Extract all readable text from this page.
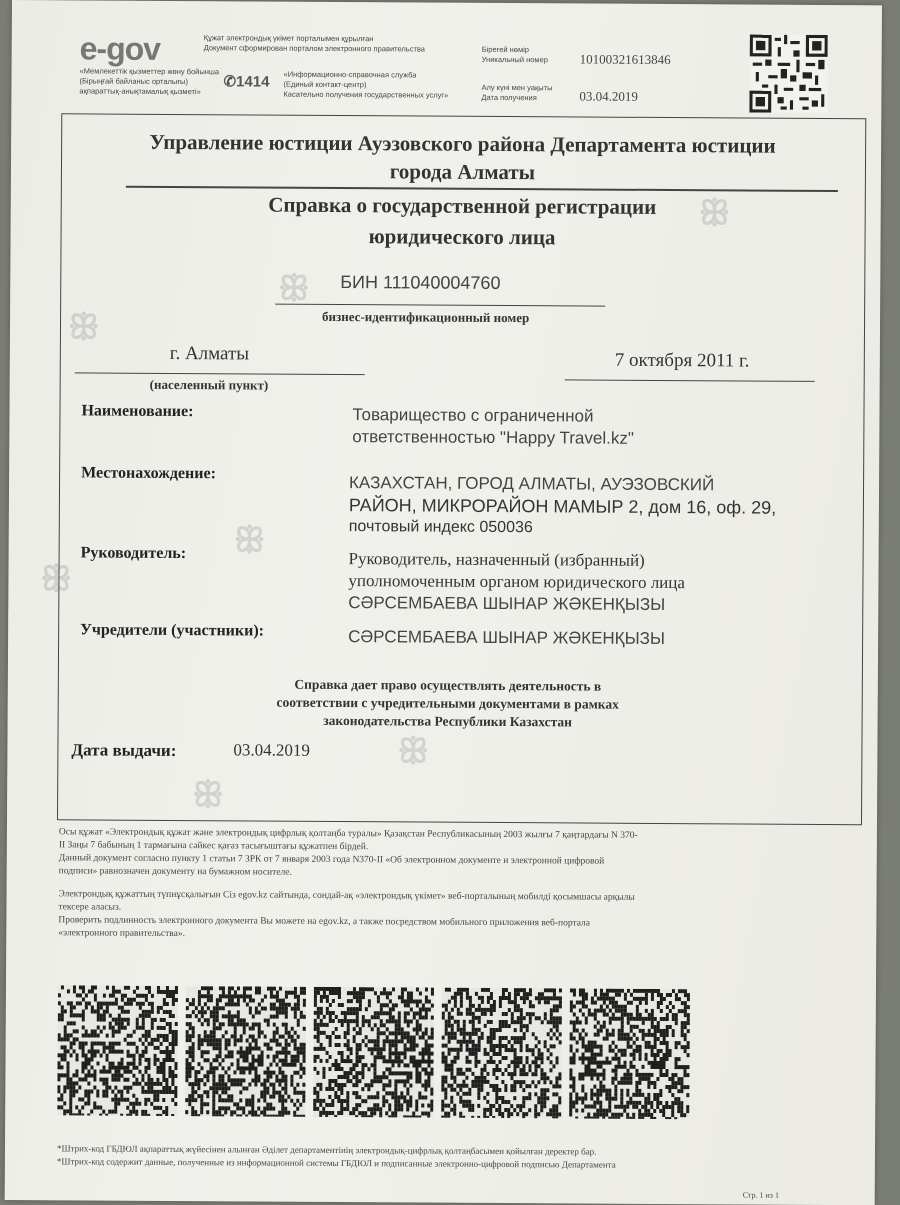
e-gov	Құжат электрондық үкімет порталымен құрылған
Документ сформирован порталом электронного правительства
«Мемлекеттік қызметтер жөну бойынша
(Бірыңғай байланыс орталығы)
ақпараттық-анықтамалық қызметі»
✆1414 «Информационно-справочная служба
(Единый контакт-центр)
Касательно получения государственных услуг»
Бірегей нөмір
Уникальный номер 10100321613846
Алу күні мен уақыты
Дата получения	03.04.2019
Управление юстиции Ауэзовского района Департамента юстиции
города Алматы
Справка о государственной регистрации
юридического лица
БИН 111040004760
бизнес-идентификационный номер
г. Алматы
(населенный пункт)
7 октября 2011 г.
Наименование:	Товарищество с ограниченной
ответственностью "Happy Travel.kz"
Местонахождение:	КАЗАХСТАН, ГОРОД АЛМАТЫ, АУЭЗОВСКИЙ
РАЙОН, МИКРОРАЙОН МАМЫР 2, дом 16, оф. 29,
почтовый индекс 050036
Руководитель:	Руководитель, назначенный (избранный)
уполномоченным органом юридического лица
СӘРСЕМБАЕВА ШЫНАР ЖӘКЕНҚЫЗЫ
Учредители (участники):	СӘРСЕМБАЕВА ШЫНАР ЖӘКЕНҚЫЗЫ
Справка дает право осуществлять деятельность в
соответствии с учредительными документами в рамках
законодательства Республики Казахстан
Дата выдачи:	03.04.2019
ꕥ
ꕥ
ꕥ
ꕥ
ꕥ
ꕥ
ꕥ
Осы құжат «Электрондық құжат және электрондық цифрлық қолтаңба туралы» Қазақстан Республикасының 2003 жылғы 7 қаңтардағы N 370-
II Заңы 7 бабының 1 тармағына сәйкес қағаз тасығыштағы құжатпен бірдей.
Данный документ согласно пункту 1 статьи 7 ЗРК от 7 января 2003 года N370-II «Об электронном документе и электронной цифровой
подписи» равнозначен документу на бумажном носителе.
Электрондық құжаттың түпнұсқалығын Сіз egov.kz сайтында, сондай-ақ «электрондық үкімет» веб-порталының мобилді қосымшасы арқылы
тексере аласыз.
Проверить подлинность электронного документа Вы можете на egov.kz, а также посредством мобильного приложения веб-портала
«электронного правительства».
*Штрих-код ГБДЮЛ ақпараттық жүйесінен алынған Әділет департаментінің электрондық-цифрлық қолтаңбасымен қойылған деректер бар.
*Штрих-код содержит данные, полученные из информационной системы ГБДЮЛ и подписанные электронно-цифровой подписью Департамента
Стр. 1 из 1
